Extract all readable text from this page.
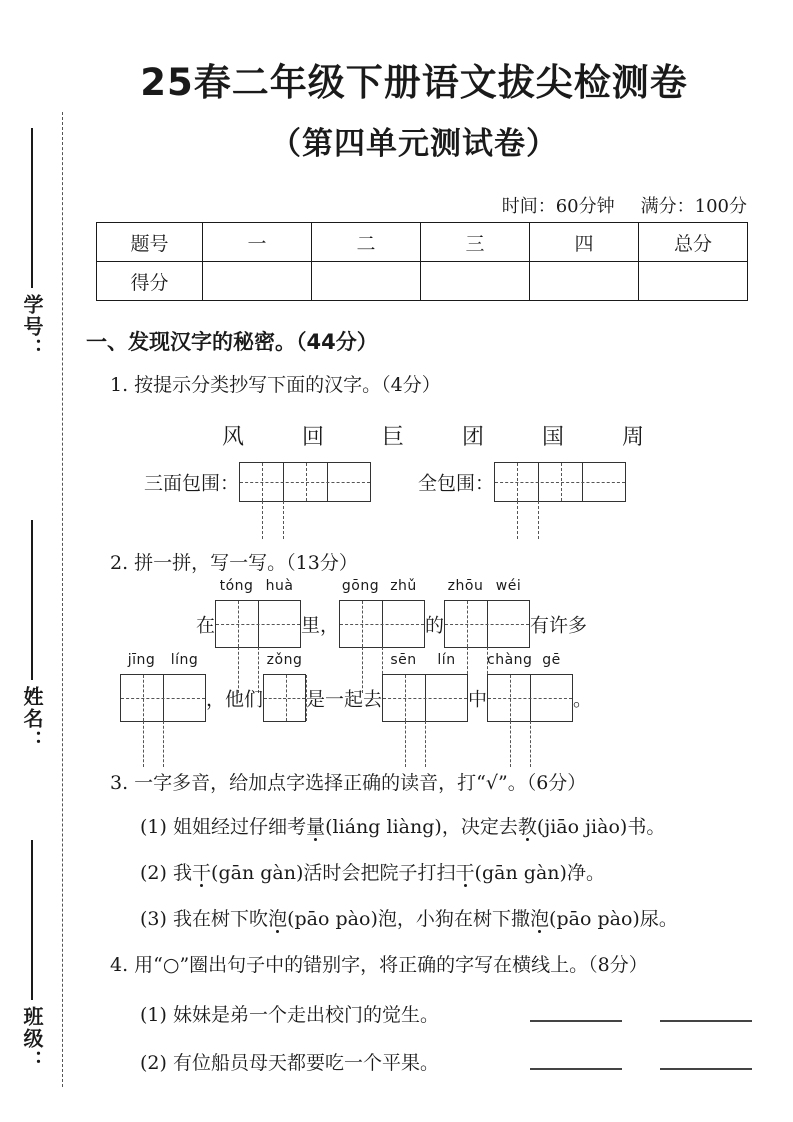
学号：
姓名：
班级：
25春二年级下册语文拔尖检测卷
（第四单元测试卷）
时间：60分钟 满分：100分
题号	一	二	三	四	总分
得分					
一、发现汉字的秘密。（44分）
1. 按提示分类抄写下面的汉字。（4分）
风	回	巨	团	国	周
三面包围：	全包围：
2. 拼一拼，写一写。（13分）
在	里，	的	有许多
tóng huà	gōng zhǔ	zhōu wéi
，他们 是一起去	中	。
jīng	líng	zǒng	sēn	lín	chàng gē
3. 一字多音，给加点字选择正确的读音，打“√”。（6分）
(1) 姐姐经过仔细考量(liáng liàng)，决定去教(jiāo jiào)书。
(2) 我干(gān gàn)活时会把院子打扫干(gān gàn)净。
(3) 我在树下吹泡(pāo pào)泡，小狗在树下撒泡(pāo pào)尿。
4. 用“○”圈出句子中的错别字，将正确的字写在横线上。（8分）
(1) 妹妹是弟一个走出校门的觉生。
(2) 有位船员母天都要吃一个平果。
